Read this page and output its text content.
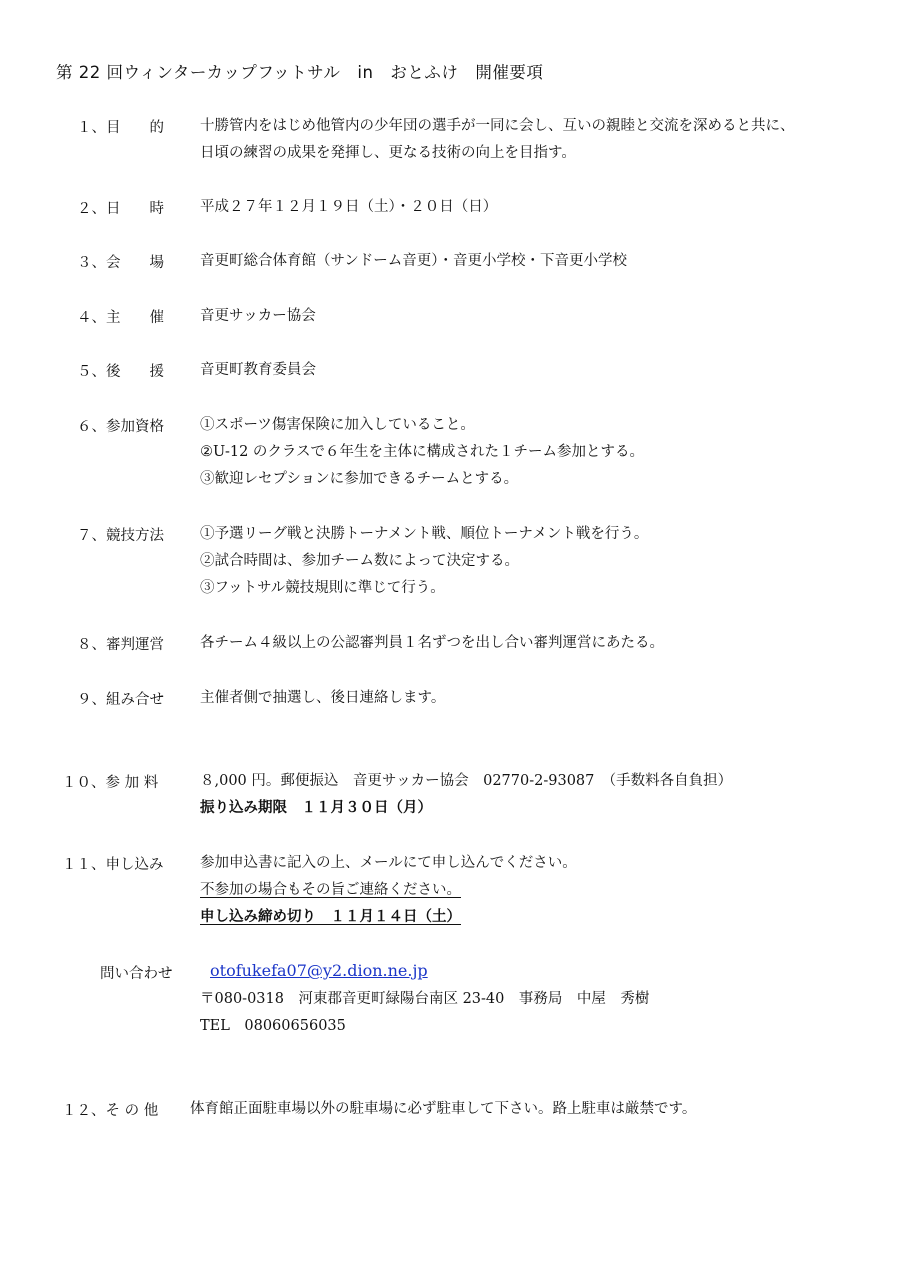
第 22 回ウィンターカップフットサル　in　おとふけ　開催要項
１、目　　的 十勝管内をはじめ他管内の少年団の選手が一同に会し、互いの親睦と交流を深めると共に、
日頃の練習の成果を発揮し、更なる技術の向上を目指す。
２、日　　時 平成２７年１２月１９日（土）・２０日（日）
３、会　　場 音更町総合体育館（サンドーム音更）・音更小学校・下音更小学校
４、主　　催 音更サッカー協会
５、後　　援 音更町教育委員会
６、参加資格 ①スポーツ傷害保険に加入していること。
②U-12 のクラスで６年生を主体に構成された１チーム参加とする。
③歓迎レセプションに参加できるチームとする。
７、競技方法 ①予選リーグ戦と決勝トーナメント戦、順位トーナメント戦を行う。
②試合時間は、参加チーム数によって決定する。
③フットサル競技規則に準じて行う。
８、審判運営 各チーム４級以上の公認審判員１名ずつを出し合い審判運営にあたる。
９、組み合せ 主催者側で抽選し、後日連絡します。
１０、参 加 料	８,000 円。郵便振込　音更サッカー協会　02770-2-93087　（手数料各自負担）
振り込み期限　１１月３０日（月）
１１、申し込み	参加申込書に記入の上、メールにて申し込んでください。
不参加の場合もその旨ご連絡ください。
申し込み締め切り　１１月１４日（土）
問い合わせ otofukefa07@y2.dion.ne.jp
〒080-0318　河東郡音更町緑陽台南区 23-40　事務局　中屋　秀樹
TEL　08060656035
１２、そ の 他 体育館正面駐車場以外の駐車場に必ず駐車して下さい。路上駐車は厳禁です。
